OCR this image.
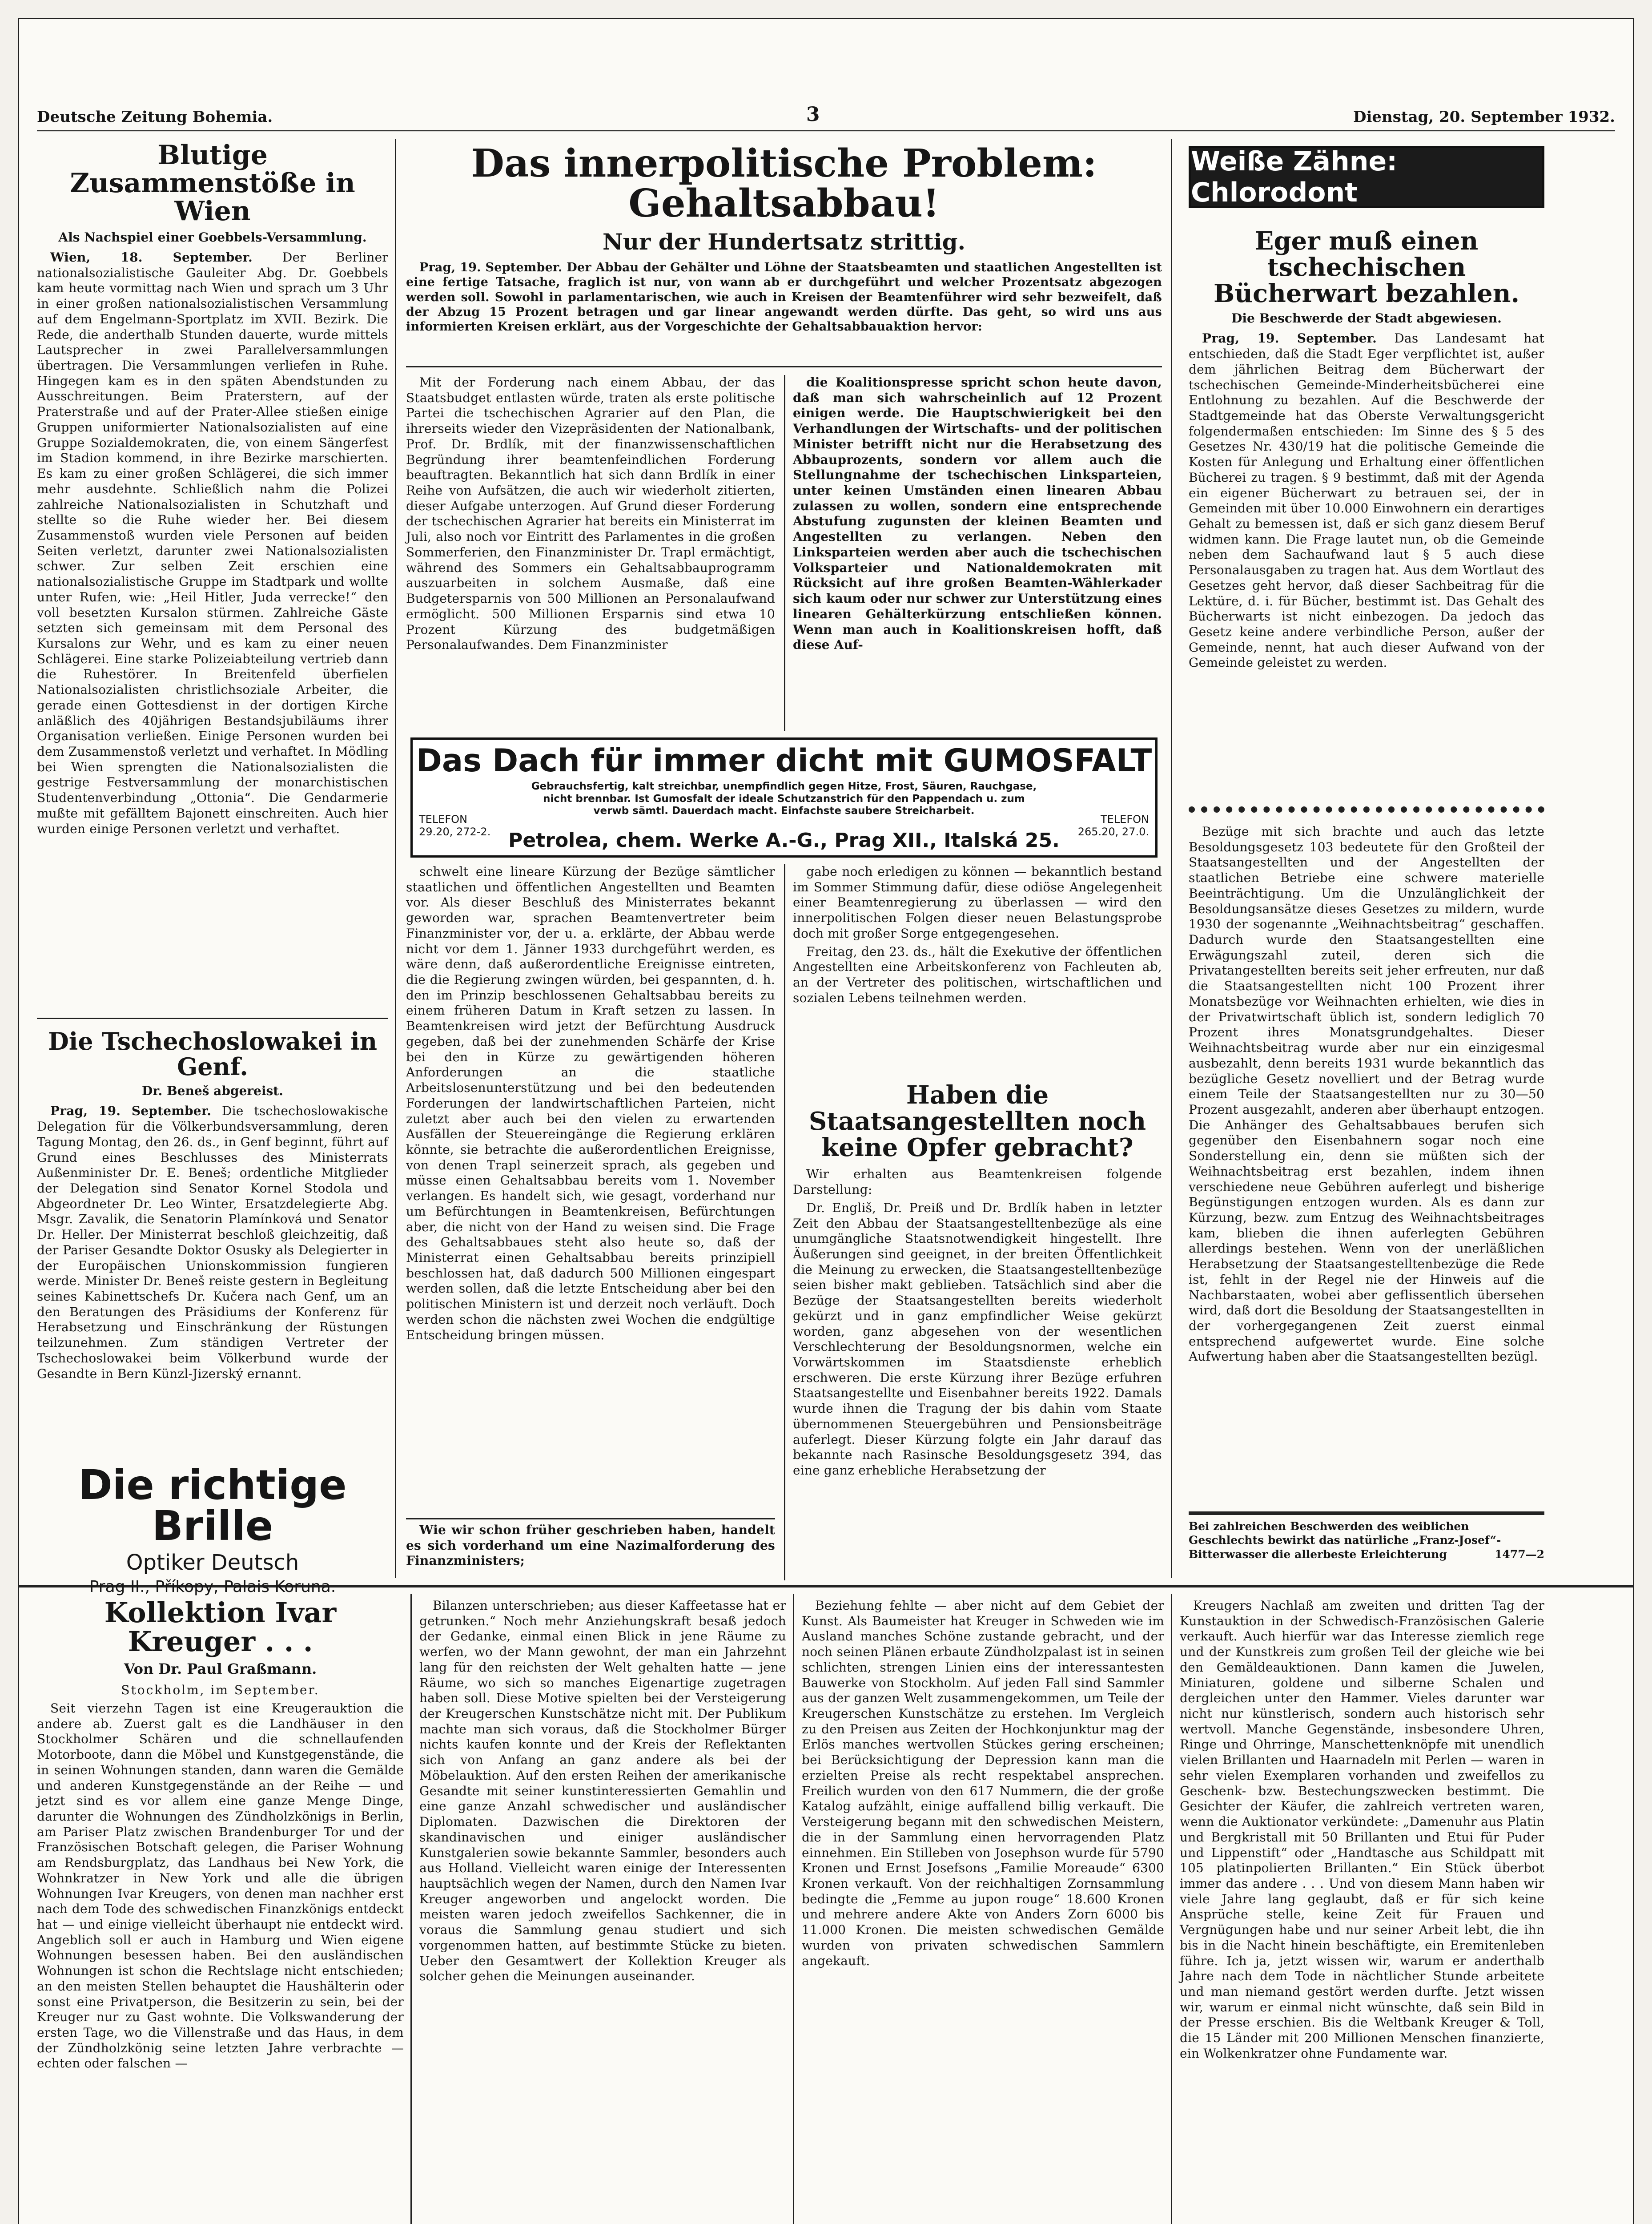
Deutsche Zeitung Bohemia.	3	Dienstag, 20. September 1932.
Blutige Zusammenstöße in Wien
Als Nachspiel einer Goebbels-Versammlung.

Wien, 18. September. Der Berliner nationalsozialistische Gauleiter Abg. Dr. Goebbels kam heute vormittag nach Wien und sprach um 3 Uhr in einer großen nationalsozialistischen Versammlung auf dem Engelmann-Sportplatz im XVII. Bezirk. Die Rede, die anderthalb Stunden dauerte, wurde mittels Lautsprecher in zwei Parallelversammlungen übertragen. Die Versammlungen verliefen in Ruhe. Hingegen kam es in den späten Abendstunden zu Ausschreitungen. Beim Praterstern, auf der Praterstraße und auf der Prater-Allee stießen einige Gruppen uniformierter Nationalsozialisten auf eine Gruppe Sozialdemokraten, die, von einem Sängerfest im Stadion kommend, in ihre Bezirke marschierten. Es kam zu einer großen Schlägerei, die sich immer mehr ausdehnte. Schließlich nahm die Polizei zahlreiche Nationalsozialisten in Schutzhaft und stellte so die Ruhe wieder her. Bei diesem Zusammenstoß wurden viele Personen auf beiden Seiten verletzt, darunter zwei Nationalsozialisten schwer. Zur selben Zeit erschien eine nationalsozialistische Gruppe im Stadtpark und wollte unter Rufen, wie: „Heil Hitler, Juda verrecke!“ den voll besetzten Kursalon stürmen. Zahlreiche Gäste setzten sich gemeinsam mit dem Personal des Kursalons zur Wehr, und es kam zu einer neuen Schlägerei. Eine starke Polizeiabteilung vertrieb dann die Ruhestörer. In Breitenfeld überfielen Nationalsozialisten christlichsoziale Arbeiter, die gerade einen Gottesdienst in der dortigen Kirche anläßlich des 40jährigen Bestandsjubiläums ihrer Organisation verließen. Einige Personen wurden bei dem Zusammenstoß verletzt und verhaftet. In Mödling bei Wien sprengten die Nationalsozialisten die gestrige Festversammlung der monarchistischen Studentenverbindung „Ottonia“. Die Gendarmerie mußte mit gefälltem Bajonett einschreiten. Auch hier wurden einige Personen verletzt und verhaftet.

Die Tschechoslowakei in Genf.
Dr. Beneš abgereist.

Prag, 19. September. Die tschechoslowakische Delegation für die Völkerbundsversammlung, deren Tagung Montag, den 26. ds., in Genf beginnt, führt auf Grund eines Beschlusses des Ministerrats Außenminister Dr. E. Beneš; ordentliche Mitglieder der Delegation sind Senator Kornel Stodola und Abgeordneter Dr. Leo Winter, Ersatzdelegierte Abg. Msgr. Zavalik, die Senatorin Plamínková und Senator Dr. Heller. Der Ministerrat beschloß gleichzeitig, daß der Pariser Gesandte Doktor Osusky als Delegierter in der Europäischen Unionskommission fungieren werde. Minister Dr. Beneš reiste gestern in Begleitung seines Kabinettschefs Dr. Kučera nach Genf, um an den Beratungen des Präsidiums der Konferenz für Herabsetzung und Einschränkung der Rüstungen teilzunehmen. Zum ständigen Vertreter der Tschechoslowakei beim Völkerbund wurde der Gesandte in Bern Künzl-Jizerský ernannt.

Die richtige Brille
Optiker Deutsch
Prag II., Příkopy, Palais Koruna.
Das innerpolitische Problem: Gehaltsabbau!
Nur der Hundertsatz strittig.

Prag, 19. September. Der Abbau der Gehälter und Löhne der Staatsbeamten und staatlichen Angestellten ist eine fertige Tatsache, fraglich ist nur, von wann ab er durchgeführt und welcher Prozentsatz abgezogen werden soll. Sowohl in parlamentarischen, wie auch in Kreisen der Beamtenführer wird sehr bezweifelt, daß der Abzug 15 Prozent betragen und gar linear angewandt werden dürfte. Das geht, so wird uns aus informierten Kreisen erklärt, aus der Vorgeschichte der Gehaltsabbauaktion hervor:

Mit der Forderung nach einem Abbau, der das Staatsbudget entlasten würde, traten als erste politische Partei die tschechischen Agrarier auf den Plan, die ihrerseits wieder den Vizepräsidenten der Nationalbank, Prof. Dr. Brdlík, mit der finanzwissenschaftlichen Begründung ihrer beamtenfeindlichen Forderung beauftragten. Bekanntlich hat sich dann Brdlík in einer Reihe von Aufsätzen, die auch wir wiederholt zitierten, dieser Aufgabe unterzogen. Auf Grund dieser Forderung der tschechischen Agrarier hat bereits ein Ministerrat im Juli, also noch vor Eintritt des Parlamentes in die großen Sommerferien, den Finanzminister Dr. Trapl ermächtigt, während des Sommers ein Gehaltsabbauprogramm auszuarbeiten in solchem Ausmaße, daß eine Budgetersparnis von 500 Millionen an Personalaufwand ermöglicht. 500 Millionen Ersparnis sind etwa 10 Prozent Kürzung des budgetmäßigen Personalaufwandes. Dem Finanzminister

die Koalitionspresse spricht schon heute davon, daß man sich wahrscheinlich auf 12 Prozent einigen werde. Die Hauptschwierigkeit bei den Verhandlungen der Wirtschafts- und der politischen Minister betrifft nicht nur die Herabsetzung des Abbauprozents, sondern vor allem auch die Stellungnahme der tschechischen Linksparteien, unter keinen Umständen einen linearen Abbau zulassen zu wollen, sondern eine entsprechende Abstufung zugunsten der kleinen Beamten und Angestellten zu verlangen. Neben den Linksparteien werden aber auch die tschechischen Volksparteier und Nationaldemokraten mit Rücksicht auf ihre großen Beamten-Wählerkader sich kaum oder nur schwer zur Unterstützung eines linearen Gehälterkürzung entschließen können. Wenn man auch in Koalitionskreisen hofft, daß diese Auf-

Das Dach für immer dicht mit GUMOSFALT
Gebrauchsfertig, kalt streichbar, unempfindlich gegen Hitze, Frost, Säuren, Rauchgase, nicht brennbar. Ist Gumosfalt der ideale Schutzanstrich für den Pappendach u. zum verwb sämtl. Dauerdach macht. Einfachste saubere Streicharbeit.
TELEFON
29.20, 272-2.
TELEFON
265.20, 27.0.
Petrolea, chem. Werke A.-G., Prag XII., Italská 25.

schwelt eine lineare Kürzung der Bezüge sämtlicher staatlichen und öffentlichen Angestellten und Beamten vor. Als dieser Beschluß des Ministerrates bekannt geworden war, sprachen Beamtenvertreter beim Finanzminister vor, der u. a. erklärte, der Abbau werde nicht vor dem 1. Jänner 1933 durchgeführt werden, es wäre denn, daß außerordentliche Ereignisse eintreten, die die Regierung zwingen würden, bei gespannten, d. h. den im Prinzip beschlossenen Gehaltsabbau bereits zu einem früheren Datum in Kraft setzen zu lassen. In Beamtenkreisen wird jetzt der Befürchtung Ausdruck gegeben, daß bei der zunehmenden Schärfe der Krise bei den in Kürze zu gewärtigenden höheren Anforderungen an die staatliche Arbeitslosenunterstützung und bei den bedeutenden Forderungen der landwirtschaftlichen Parteien, nicht zuletzt aber auch bei den vielen zu erwartenden Ausfällen der Steuereingänge die Regierung erklären könnte, sie betrachte die außerordentlichen Ereignisse, von denen Trapl seinerzeit sprach, als gegeben und müsse einen Gehaltsabbau bereits vom 1. November verlangen. Es handelt sich, wie gesagt, vorderhand nur um Befürchtungen in Beamtenkreisen, Befürchtungen aber, die nicht von der Hand zu weisen sind. Die Frage des Gehaltsabbaues steht also heute so, daß der Ministerrat einen Gehaltsabbau bereits prinzipiell beschlossen hat, daß dadurch 500 Millionen eingespart werden sollen, daß die letzte Entscheidung aber bei den politischen Ministern ist und derzeit noch verläuft. Doch werden schon die nächsten zwei Wochen die endgültige Entscheidung bringen müssen.

Wie wir schon früher geschrieben haben, handelt es sich vorderhand um eine Nazimalforderung des Finanzministers;

gabe noch erledigen zu können — bekanntlich bestand im Sommer Stimmung dafür, diese odiöse Angelegenheit einer Beamtenregierung zu überlassen — wird den innerpolitischen Folgen dieser neuen Belastungsprobe doch mit großer Sorge entgegengesehen.

Freitag, den 23. ds., hält die Exekutive der öffentlichen Angestellten eine Arbeitskonferenz von Fachleuten ab, an der Vertreter des politischen, wirtschaftlichen und sozialen Lebens teilnehmen werden.

Haben die Staatsangestellten noch keine Opfer gebracht?

Wir erhalten aus Beamtenkreisen folgende Darstellung:

Dr. Engliš, Dr. Preiß und Dr. Brdlík haben in letzter Zeit den Abbau der Staatsangestelltenbezüge als eine unumgängliche Staatsnotwendigkeit hingestellt. Ihre Äußerungen sind geeignet, in der breiten Öffentlichkeit die Meinung zu erwecken, die Staatsangestelltenbezüge seien bisher makt geblieben. Tatsächlich sind aber die Bezüge der Staatsangestellten bereits wiederholt gekürzt und in ganz empfindlicher Weise gekürzt worden, ganz abgesehen von der wesentlichen Verschlechterung der Besoldungsnormen, welche ein Vorwärtskommen im Staatsdienste erheblich erschweren. Die erste Kürzung ihrer Bezüge erfuhren Staatsangestellte und Eisenbahner bereits 1922. Damals wurde ihnen die Tragung der bis dahin vom Staate übernommenen Steuergebühren und Pensionsbeiträge auferlegt. Dieser Kürzung folgte ein Jahr darauf das bekannte nach Rasinsche Besoldungsgesetz 394, das eine ganz erhebliche Herabsetzung der

Weiße Zähne: Chlorodont
Eger muß einen tschechischen Bücherwart bezahlen.
Die Beschwerde der Stadt abgewiesen.

Prag, 19. September. Das Landesamt hat entschieden, daß die Stadt Eger verpflichtet ist, außer dem jährlichen Beitrag dem Bücherwart der tschechischen Gemeinde-Minderheitsbücherei eine Entlohnung zu bezahlen. Auf die Beschwerde der Stadtgemeinde hat das Oberste Verwaltungsgericht folgendermaßen entschieden: Im Sinne des § 5 des Gesetzes Nr. 430/19 hat die politische Gemeinde die Kosten für Anlegung und Erhaltung einer öffentlichen Bücherei zu tragen. § 9 bestimmt, daß mit der Agenda ein eigener Bücherwart zu betrauen sei, der in Gemeinden mit über 10.000 Einwohnern ein derartiges Gehalt zu bemessen ist, daß er sich ganz diesem Beruf widmen kann. Die Frage lautet nun, ob die Gemeinde neben dem Sachaufwand laut § 5 auch diese Personalausgaben zu tragen hat. Aus dem Wortlaut des Gesetzes geht hervor, daß dieser Sachbeitrag für die Lektüre, d. i. für Bücher, bestimmt ist. Das Gehalt des Bücherwarts ist nicht einbezogen. Da jedoch das Gesetz keine andere verbindliche Person, außer der Gemeinde, nennt, hat auch dieser Aufwand von der Gemeinde geleistet zu werden.

Bezüge mit sich brachte und auch das letzte Besoldungsgesetz 103 bedeutete für den Großteil der Staatsangestellten und der Angestellten der staatlichen Betriebe eine schwere materielle Beeinträchtigung. Um die Unzulänglichkeit der Besoldungsansätze dieses Gesetzes zu mildern, wurde 1930 der sogenannte „Weihnachtsbeitrag“ geschaffen. Dadurch wurde den Staatsangestellten eine Erwägungszahl zuteil, deren sich die Privatangestellten bereits seit jeher erfreuten, nur daß die Staatsangestellten nicht 100 Prozent ihrer Monatsbezüge vor Weihnachten erhielten, wie dies in der Privatwirtschaft üblich ist, sondern lediglich 70 Prozent ihres Monatsgrundgehaltes. Dieser Weihnachtsbeitrag wurde aber nur ein einzigesmal ausbezahlt, denn bereits 1931 wurde bekanntlich das bezügliche Gesetz novelliert und der Betrag wurde einem Teile der Staatsangestellten nur zu 30—50 Prozent ausgezahlt, anderen aber überhaupt entzogen. Die Anhänger des Gehaltsabbaues berufen sich gegenüber den Eisenbahnern sogar noch eine Sonderstellung ein, denn sie müßten sich der Weihnachtsbeitrag erst bezahlen, indem ihnen verschiedene neue Gebühren auferlegt und bisherige Begünstigungen entzogen wurden. Als es dann zur Kürzung, bezw. zum Entzug des Weihnachtsbeitrages kam, blieben die ihnen auferlegten Gebühren allerdings bestehen. Wenn von der unerläßlichen Herabsetzung der Staatsangestelltenbezüge die Rede ist, fehlt in der Regel nie der Hinweis auf die Nachbarstaaten, wobei aber geflissentlich übersehen wird, daß dort die Besoldung der Staatsangestellten in der vorhergegangenen Zeit zuerst einmal entsprechend aufgewertet wurde. Eine solche Aufwertung haben aber die Staatsangestellten bezügl.

Bei zahlreichen Beschwerden des weiblichen Geschlechts bewirkt das natürliche „Franz-Josef“-Bitterwasser die allerbeste Erleichterung	1477—2
Kollektion Ivar Kreuger . . .
Von Dr. Paul Graßmann.

Stockholm, im September.

Seit vierzehn Tagen ist eine Kreugerauktion die andere ab. Zuerst galt es die Landhäuser in den Stockholmer Schären und die schnellaufenden Motorboote, dann die Möbel und Kunstgegenstände, die in seinen Wohnungen standen, dann waren die Gemälde und anderen Kunstgegenstände an der Reihe — und jetzt sind es vor allem eine ganze Menge Dinge, darunter die Wohnungen des Zündholzkönigs in Berlin, am Pariser Platz zwischen Brandenburger Tor und der Französischen Botschaft gelegen, die Pariser Wohnung am Rendsburgplatz, das Landhaus bei New York, die Wohnkratzer in New York und alle die übrigen Wohnungen Ivar Kreugers, von denen man nachher erst nach dem Tode des schwedischen Finanzkönigs entdeckt hat — und einige vielleicht überhaupt nie entdeckt wird. Angeblich soll er auch in Hamburg und Wien eigene Wohnungen besessen haben. Bei den ausländischen Wohnungen ist schon die Rechtslage nicht entschieden; an den meisten Stellen behauptet die Haushälterin oder sonst eine Privatperson, die Besitzerin zu sein, bei der Kreuger nur zu Gast wohnte. Die Volkswanderung der ersten Tage, wo die Villenstraße und das Haus, in dem der Zündholzkönig seine letzten Jahre verbrachte — echten oder falschen —

Bilanzen unterschrieben; aus dieser Kaffeetasse hat er getrunken.“ Noch mehr Anziehungskraft besaß jedoch der Gedanke, einmal einen Blick in jene Räume zu werfen, wo der Mann gewohnt, der man ein Jahrzehnt lang für den reichsten der Welt gehalten hatte — jene Räume, wo sich so manches Eigenartige zugetragen haben soll. Diese Motive spielten bei der Versteigerung der Kreugerschen Kunstschätze nicht mit. Der Publikum machte man sich voraus, daß die Stockholmer Bürger nichts kaufen konnte und der Kreis der Reflektanten sich von Anfang an ganz andere als bei der Möbelauktion. Auf den ersten Reihen der amerikanische Gesandte mit seiner kunstinteressierten Gemahlin und eine ganze Anzahl schwedischer und ausländischer Diplomaten. Dazwischen die Direktoren der skandinavischen und einiger ausländischer Kunstgalerien sowie bekannte Sammler, besonders auch aus Holland. Vielleicht waren einige der Interessenten hauptsächlich wegen der Namen, durch den Namen Ivar Kreuger angeworben und angelockt worden. Die meisten waren jedoch zweifellos Sachkenner, die in voraus die Sammlung genau studiert und sich vorgenommen hatten, auf bestimmte Stücke zu bieten. Ueber den Gesamtwert der Kollektion Kreuger als solcher gehen die Meinungen auseinander.

Beziehung fehlte — aber nicht auf dem Gebiet der Kunst. Als Baumeister hat Kreuger in Schweden wie im Ausland manches Schöne zustande gebracht, und der noch seinen Plänen erbaute Zündholzpalast ist in seinen schlichten, strengen Linien eins der interessantesten Bauwerke von Stockholm. Auf jeden Fall sind Sammler aus der ganzen Welt zusammengekommen, um Teile der Kreugerschen Kunstschätze zu erstehen. Im Vergleich zu den Preisen aus Zeiten der Hochkonjunktur mag der Erlös manches wertvollen Stückes gering erscheinen; bei Berücksichtigung der Depression kann man die erzielten Preise als recht respektabel ansprechen. Freilich wurden von den 617 Nummern, die der große Katalog aufzählt, einige auffallend billig verkauft. Die Versteigerung begann mit den schwedischen Meistern, die in der Sammlung einen hervorragenden Platz einnehmen. Ein Stilleben von Josephson wurde für 5790 Kronen und Ernst Josefsons „Familie Moreaude“ 6300 Kronen verkauft. Von der reichhaltigen Zornsammlung bedingte die „Femme au jupon rouge“ 18.600 Kronen und mehrere andere Akte von Anders Zorn 6000 bis 11.000 Kronen. Die meisten schwedischen Gemälde wurden von privaten schwedischen Sammlern angekauft.

Kreugers Nachlaß am zweiten und dritten Tag der Kunstauktion in der Schwedisch-Französischen Galerie verkauft. Auch hierfür war das Interesse ziemlich rege und der Kunstkreis zum großen Teil der gleiche wie bei den Gemäldeauktionen. Dann kamen die Juwelen, Miniaturen, goldene und silberne Schalen und dergleichen unter den Hammer. Vieles darunter war nicht nur künstlerisch, sondern auch historisch sehr wertvoll. Manche Gegenstände, insbesondere Uhren, Ringe und Ohrringe, Manschettenknöpfe mit unendlich vielen Brillanten und Haarnadeln mit Perlen — waren in sehr vielen Exemplaren vorhanden und zweifellos zu Geschenk- bzw. Bestechungszwecken bestimmt. Die Gesichter der Käufer, die zahlreich vertreten waren, wenn die Auktionator verkündete: „Damenuhr aus Platin und Bergkristall mit 50 Brillanten und Etui für Puder und Lippenstift“ oder „Handtasche aus Schildpatt mit 105 platinpolierten Brillanten.“ Ein Stück überbot immer das andere . . . Und von diesem Mann haben wir viele Jahre lang geglaubt, daß er für sich keine Ansprüche stelle, keine Zeit für Frauen und Vergnügungen habe und nur seiner Arbeit lebt, die ihn bis in die Nacht hinein beschäftigte, ein Eremitenleben führe. Ich ja, jetzt wissen wir, warum er anderthalb Jahre nach dem Tode in nächtlicher Stunde arbeitete und man niemand gestört werden durfte. Jetzt wissen wir, warum er einmal nicht wünschte, daß sein Bild in der Presse erschien. Bis die Weltbank Kreuger & Toll, die 15 Länder mit 200 Millionen Menschen finanzierte, ein Wolkenkratzer ohne Fundamente war.
